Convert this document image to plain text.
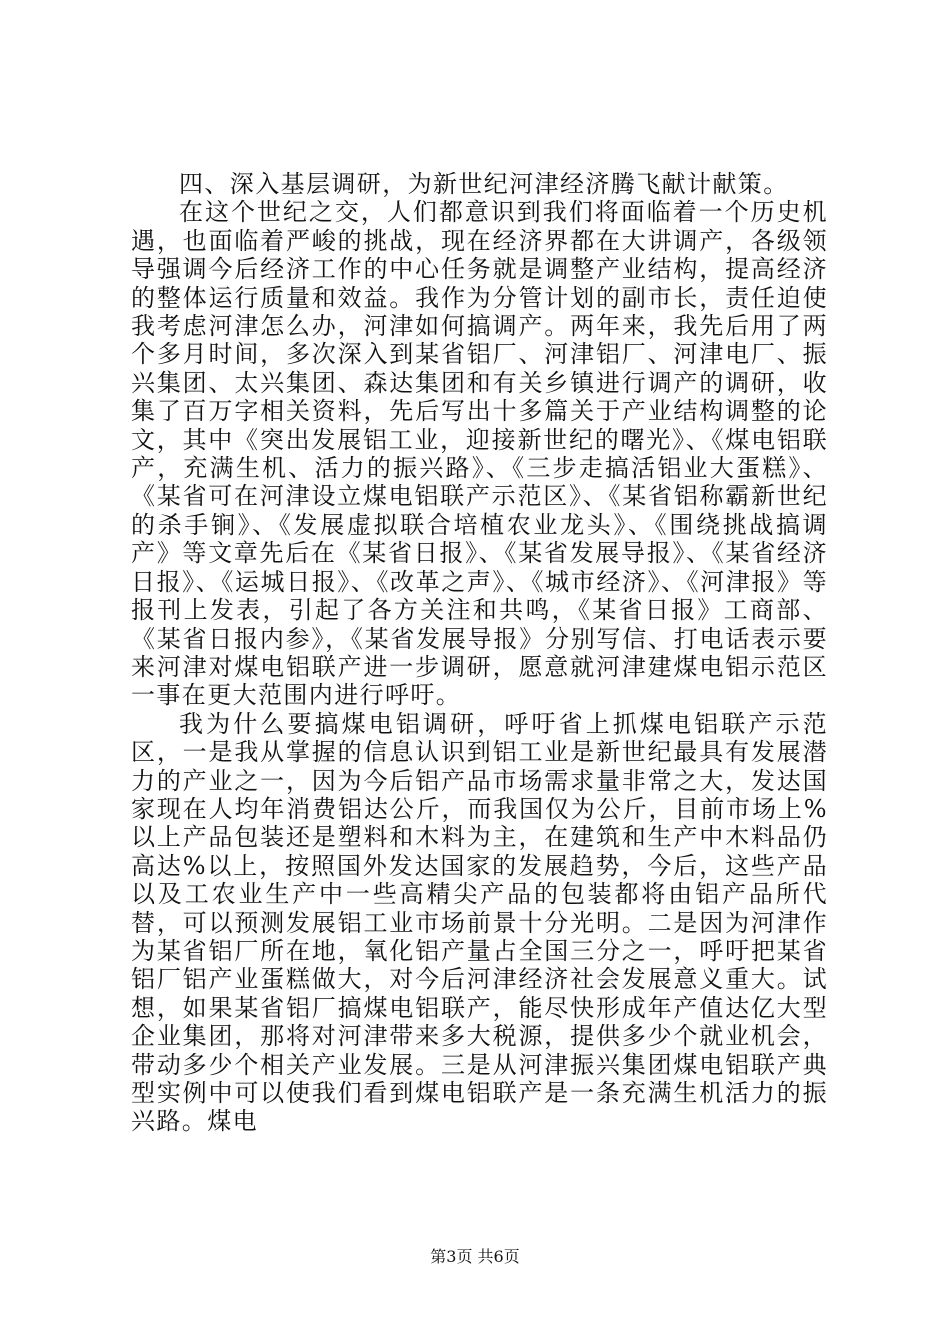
四、深入基层调研，为新世纪河津经济腾飞献计献策。

在这个世纪之交，人们都意识到我们将面临着一个历史机遇，也面临着严峻的挑战，现在经济界都在大讲调产，各级领导强调今后经济工作的中心任务就是调整产业结构，提高经济的整体运行质量和效益。我作为分管计划的副市长，责任迫使我考虑河津怎么办，河津如何搞调产。两年来，我先后用了两个多月时间，多次深入到某省铝厂、河津铝厂、河津电厂、振兴集团、太兴集团、森达集团和有关乡镇进行调产的调研，收集了百万字相关资料，先后写出十多篇关于产业结构调整的论文，其中《突出发展铝工业，迎接新世纪的曙光》、《煤电铝联产，充满生机、活力的振兴路》、《三步走搞活铝业大蛋糕》、《某省可在河津设立煤电铝联产示范区》、《某省铝称霸新世纪的杀手锏》、《发展虚拟联合培植农业龙头》、《围绕挑战搞调产》等文章先后在《某省日报》、《某省发展导报》、《某省经济日报》、《运城日报》、《改革之声》、《城市经济》、《河津报》等报刊上发表，引起了各方关注和共鸣，《某省日报》工商部、《某省日报内参》，《某省发展导报》分别写信、打电话表示要来河津对煤电铝联产进一步调研，愿意就河津建煤电铝示范区一事在更大范围内进行呼吁。

我为什么要搞煤电铝调研，呼吁省上抓煤电铝联产示范区，一是我从掌握的信息认识到铝工业是新世纪最具有发展潜力的产业之一，因为今后铝产品市场需求量非常之大，发达国家现在人均年消费铝达公斤，而我国仅为公斤，目前市场上%以上产品包装还是塑料和木料为主，在建筑和生产中木料品仍高达%以上，按照国外发达国家的发展趋势，今后，这些产品以及工农业生产中一些高精尖产品的包装都将由铝产品所代替，可以预测发展铝工业市场前景十分光明。二是因为河津作为某省铝厂所在地，氧化铝产量占全国三分之一，呼吁把某省铝厂铝产业蛋糕做大，对今后河津经济社会发展意义重大。试想，如果某省铝厂搞煤电铝联产，能尽快形成年产值达亿大型企业集团，那将对河津带来多大税源，提供多少个就业机会，带动多少个相关产业发展。三是从河津振兴集团煤电铝联产典型实例中可以使我们看到煤电铝联产是一条充满生机活力的振兴路。煤电

第3页 共6页
